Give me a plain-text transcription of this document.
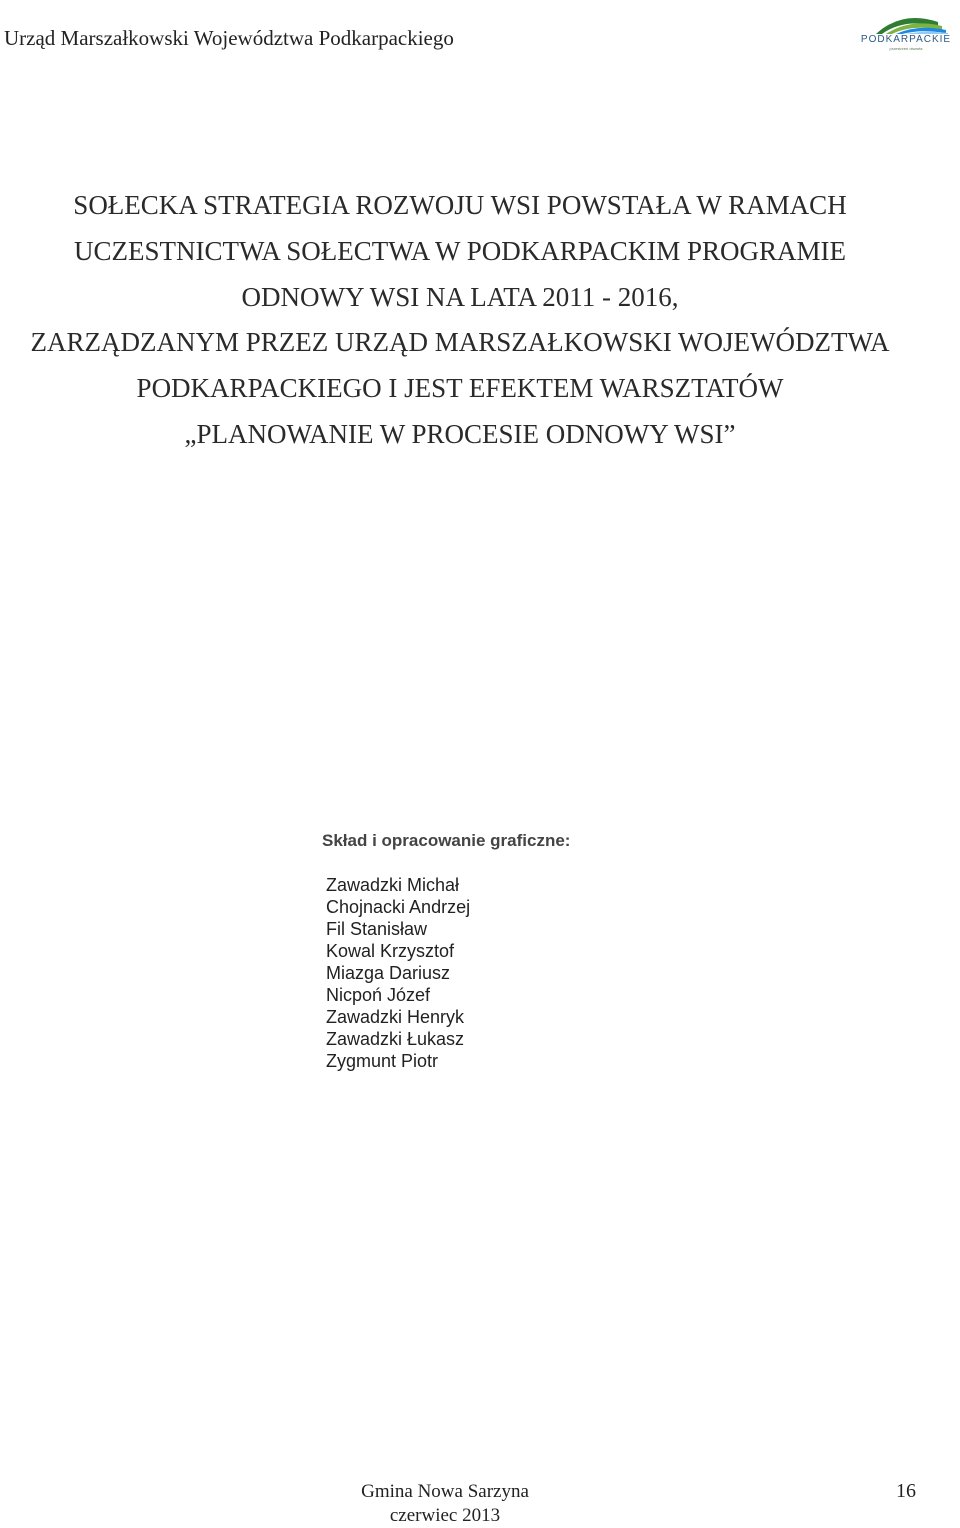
Urząd Marszałkowski Województwa Podkarpackiego	PODKARPACKIE
przestrzeń otwarta
SOŁECKA STRATEGIA ROZWOJU WSI POWSTAŁA W RAMACH
UCZESTNICTWA SOŁECTWA W PODKARPACKIM PROGRAMIE
ODNOWY WSI NA LATA 2011 - 2016,
ZARZĄDZANYM PRZEZ URZĄD MARSZAŁKOWSKI WOJEWÓDZTWA
PODKARPACKIEGO I JEST EFEKTEM WARSZTATÓW
„PLANOWANIE W PROCESIE ODNOWY WSI”
Skład i opracowanie graficzne:
Zawadzki Michał
Chojnacki Andrzej
Fil Stanisław
Kowal Krzysztof
Miazga Dariusz
Nicpoń Józef
Zawadzki Henryk
Zawadzki Łukasz
Zygmunt Piotr
Gmina Nowa Sarzyna
czerwiec 2013
16
